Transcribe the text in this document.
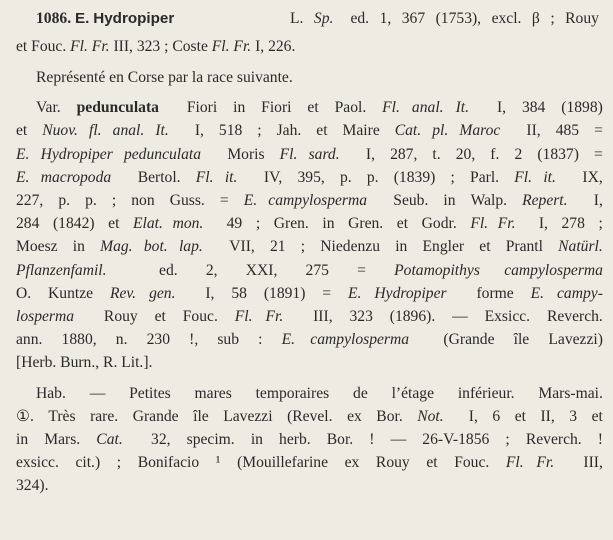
1086. E. Hydropiper	L. Sp.
ed. 1, 367 (1753), excl. β ; Rouy
et Fouc. Fl. Fr. III, 323 ; Coste Fl. Fr. I, 226.
Représenté en Corse par la race suivante.
Var. pedunculata
Fiori in Fiori et Paol. Fl. anal. It.
I, 384 (1898)
et Nuov. fl. anal. It.
I, 518 ; Jah. et Maire Cat. pl. Maroc
II, 485 =
E. Hydropiper pedunculata
Moris Fl. sard.
I, 287, t. 20, f. 2 (1837) =
E. macropoda
Bertol. Fl. it.
IV, 395, p. p. (1839) ; Parl. Fl. it.
IX,
227, p. p. ; non Guss. = E. campylosperma
Seub. in Walp. Repert.
I,
284 (1842) et Elat. mon.
49 ; Gren. in Gren. et Godr. Fl. Fr.
I, 278 ;
Moesz in Mag. bot. lap.
VII, 21 ; Niedenzu in Engler et Prantl Natürl.
Pflanzenfamil.
	ed. 2, XXI, 275 = Potamopithys campylosperma
O. Kuntze Rev. gen.
I, 58 (1891) = E. Hydropiper
forme E. campy-
losperma
Rouy et Fouc. Fl. Fr.
III, 323 (1896). — Exsicc. Reverch.
ann. 1880, n. 230 !, sub : E. campylosperma
(Grande île Lavezzi)
[Herb. Burn., R. Lit.].
Hab. — Petites mares temporaires de l’étage inférieur. Mars-mai.
①. Très rare. Grande île Lavezzi (Revel. ex Bor. Not.
I, 6 et II, 3 et
in Mars. Cat.
32, specim. in herb. Bor. ! — 26-V-1856 ; Reverch. !
exsicc. cit.) ; Bonifacio ¹ (Mouillefarine ex Rouy et Fouc. Fl. Fr.
III,
324).
